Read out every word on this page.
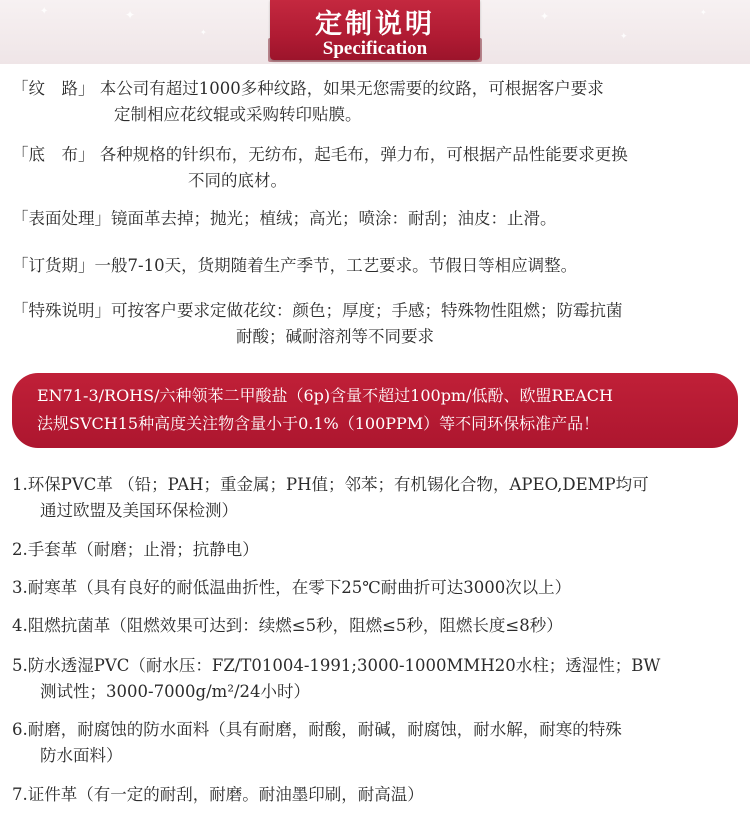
✦	✦
✦
✦
✦
✦
定制说明
Specification
「纹　路」 本公司有超过1000多种纹路，如果无您需要的纹路，可根据客户要求
定制相应花纹辊或采购转印贴膜。
「底　布」 各种规格的针织布，无纺布，起毛布，弹力布，可根据产品性能要求更换
不同的底材。
「表面处理」镜面革去掉；抛光；植绒；高光；喷涂：耐刮；油皮：止滑。
「订货期」一般7-10天，货期随着生产季节，工艺要求。节假日等相应调整。
「特殊说明」可按客户要求定做花纹：颜色；厚度；手感；特殊物性阻燃；防霉抗菌
耐酸；碱耐溶剂等不同要求
EN71-3/ROHS/六种领苯二甲酸盐（6p)含量不超过100pm/低酚、欧盟REACH
法规SVCH15种高度关注物含量小于0.1%（100PPM）等不同环保标准产品！
1.环保PVC革 （铅；PAH；重金属；PH值；邻苯；有机锡化合物，APEO,DEMP均可
通过欧盟及美国环保检测）
2.手套革（耐磨；止滑；抗静电）
3.耐寒革（具有良好的耐低温曲折性，在零下25℃耐曲折可达3000次以上）
4.阻燃抗菌革（阻燃效果可达到：续燃≤5秒，阻燃≤5秒，阻燃长度≤8秒）
5.防水透湿PVC（耐水压：FZ/T01004-1991;3000-1000MMH20水柱；透湿性；BW
测试性；3000-7000g/m²/24小时）
6.耐磨，耐腐蚀的防水面料（具有耐磨，耐酸，耐碱，耐腐蚀，耐水解，耐寒的特殊
防水面料）
7.证件革（有一定的耐刮，耐磨。耐油墨印刷，耐高温）
